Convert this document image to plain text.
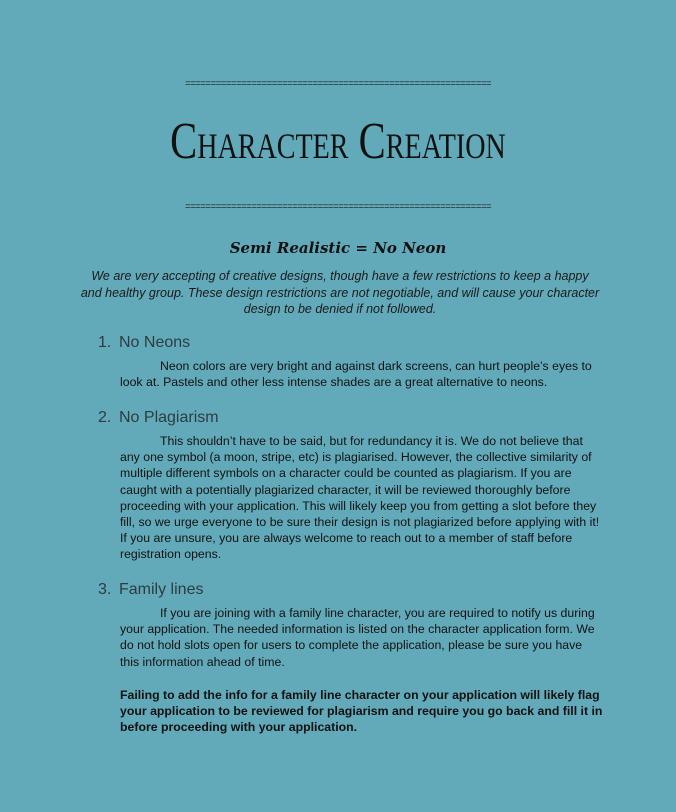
============================================================
Character Creation
============================================================
Semi Realistic = No Neon
We are very accepting of creative designs, though have a few restrictions to keep a happy and healthy group. These design restrictions are not negotiable, and will cause your character design to be denied if not followed.
1. No Neons
Neon colors are very bright and against dark screens, can hurt people’s eyes to look at. Pastels and other less intense shades are a great alternative to neons.
2. No Plagiarism
This shouldn’t have to be said, but for redundancy it is. We do not believe that any one symbol (a moon, stripe, etc) is plagiarised. However, the collective similarity of multiple different symbols on a character could be counted as plagiarism. If you are caught with a potentially plagiarized character, it will be reviewed thoroughly before proceeding with your application. This will likely keep you from getting a slot before they fill, so we urge everyone to be sure their design is not plagiarized before applying with it! If you are unsure, you are always welcome to reach out to a member of staff before registration opens.
3. Family lines
If you are joining with a family line character, you are required to notify us during your application. The needed information is listed on the character application form. We do not hold slots open for users to complete the application, please be sure you have this information ahead of time.
Failing to add the info for a family line character on your application will likely flag your application to be reviewed for plagiarism and require you go back and fill it in before proceeding with your application.
